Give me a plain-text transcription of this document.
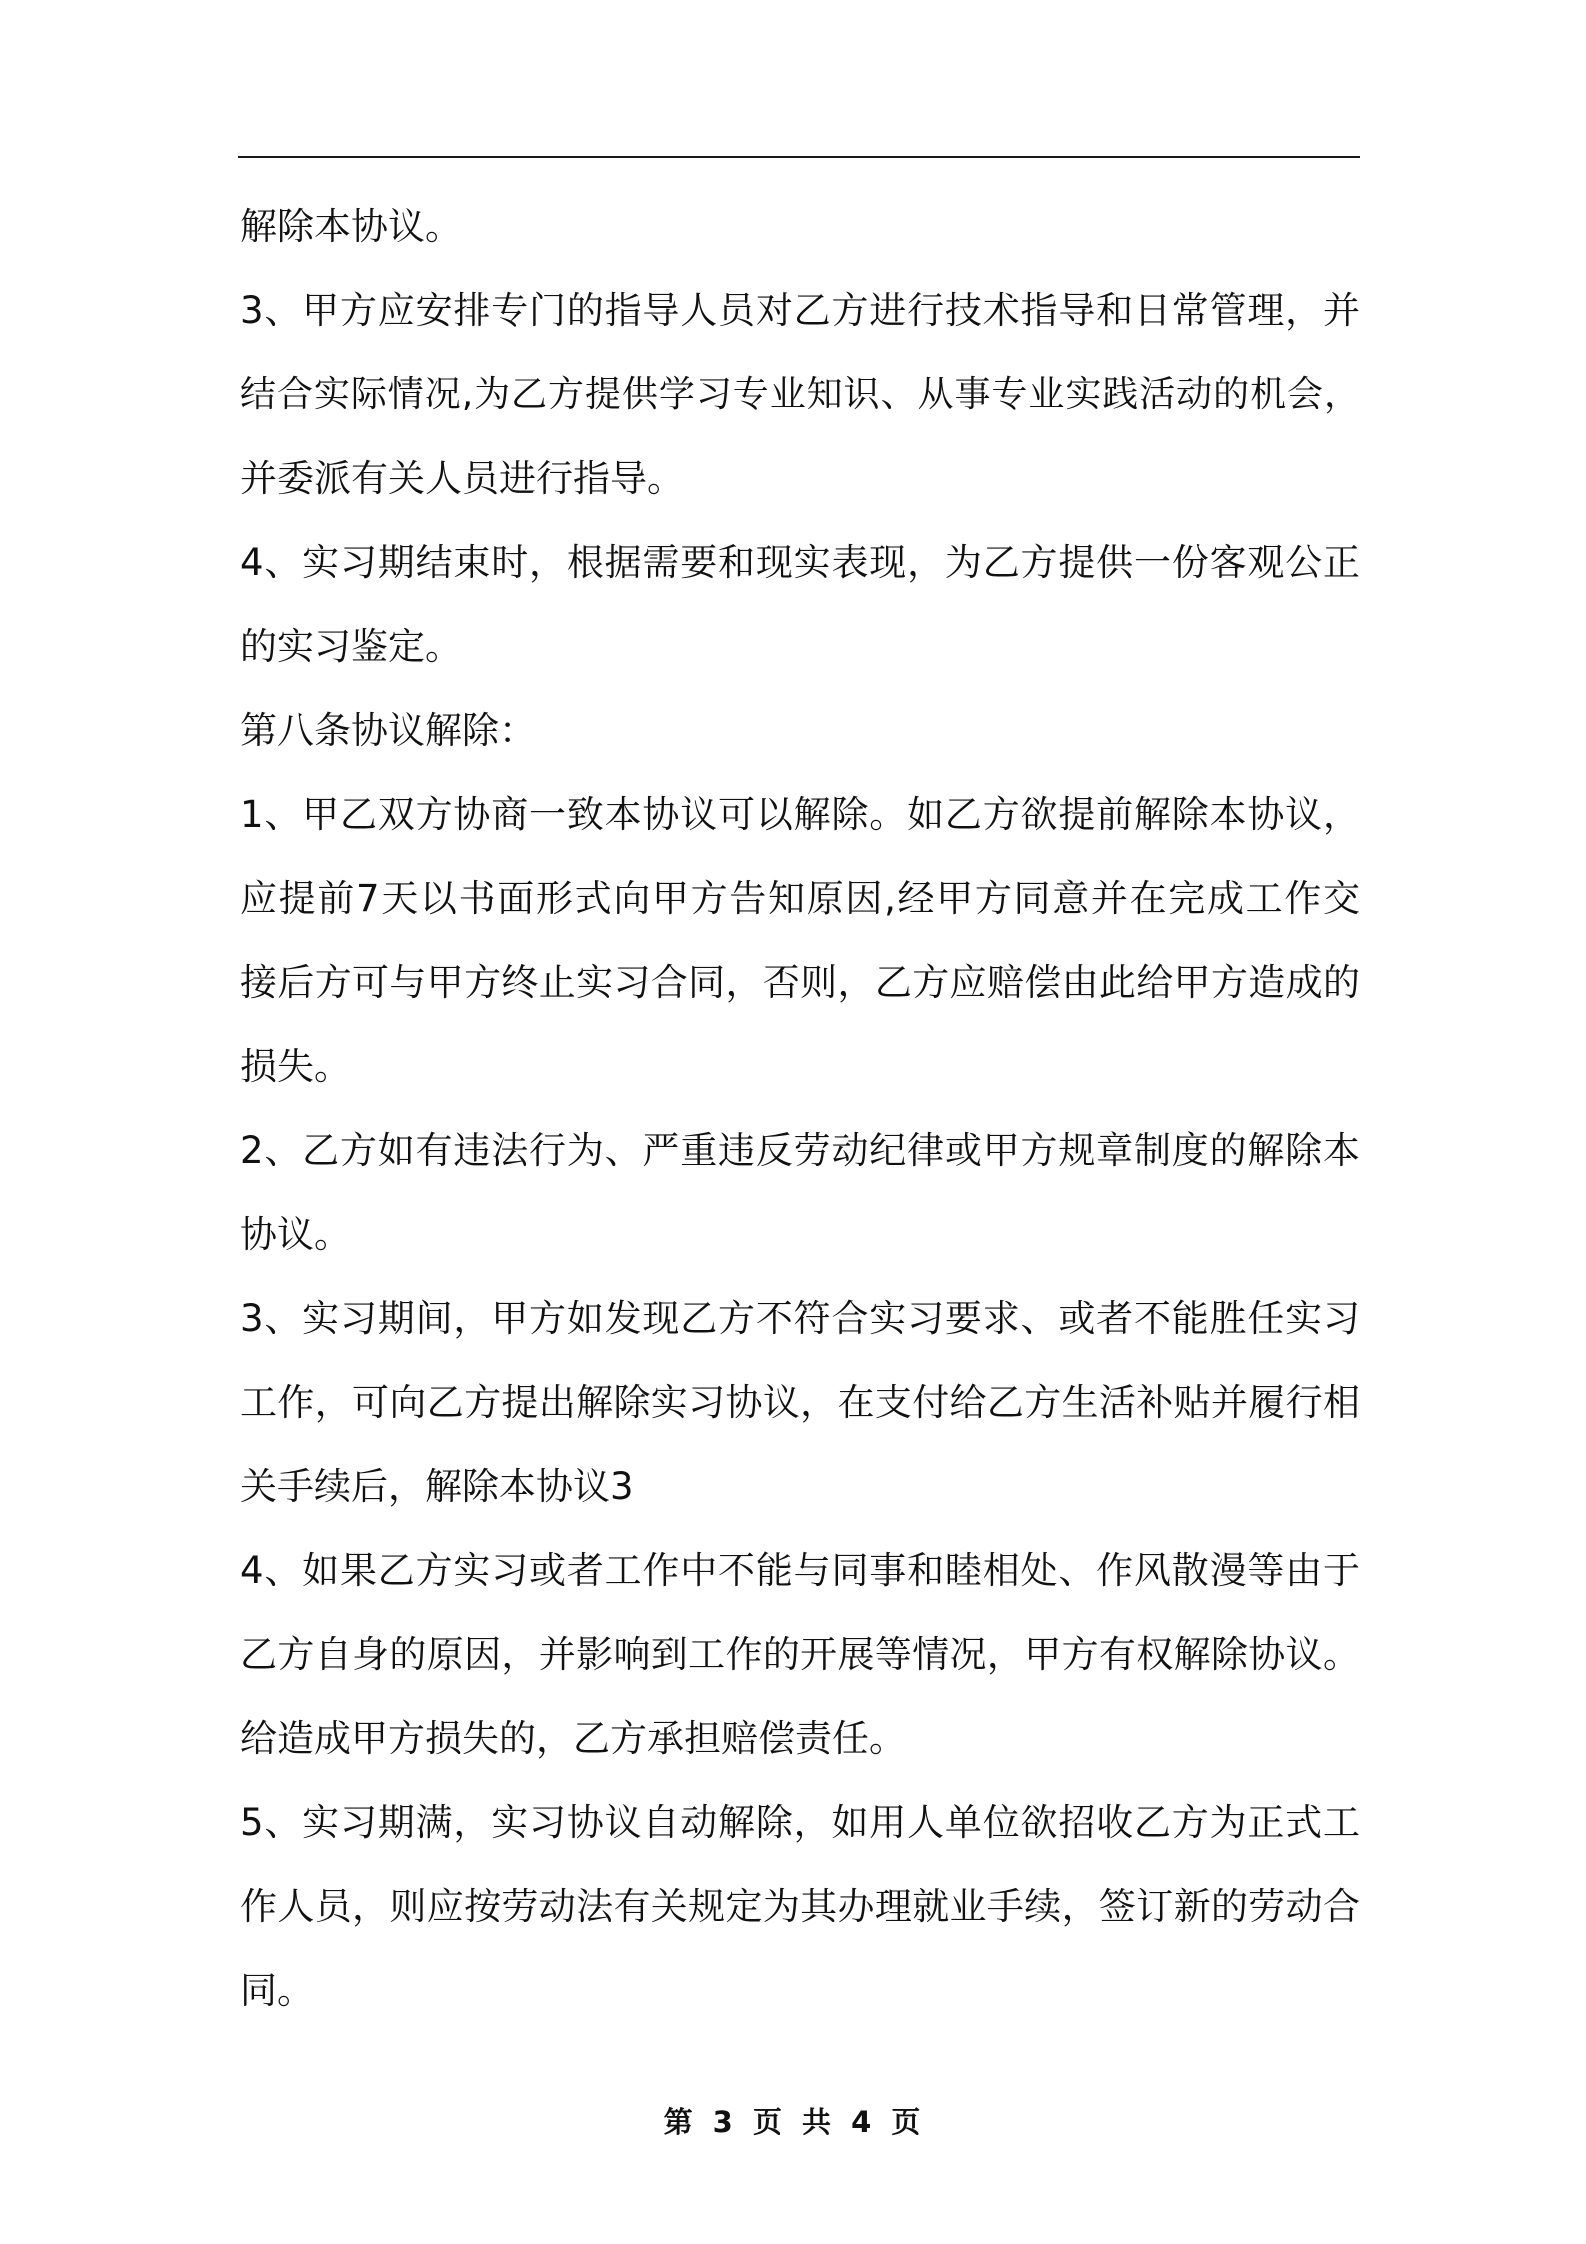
解除本协议。
3、甲方应安排专门的指导人员对乙方进行技术指导和日常管理，并
结合实际情况,为乙方提供学习专业知识、从事专业实践活动的机会，
并委派有关人员进行指导。
4、实习期结束时，根据需要和现实表现，为乙方提供一份客观公正
的实习鉴定。
第八条协议解除：
1、甲乙双方协商一致本协议可以解除。如乙方欲提前解除本协议，
应提前7天以书面形式向甲方告知原因,经甲方同意并在完成工作交
接后方可与甲方终止实习合同，否则，乙方应赔偿由此给甲方造成的
损失。
2、乙方如有违法行为、严重违反劳动纪律或甲方规章制度的解除本
协议。
3、实习期间，甲方如发现乙方不符合实习要求、或者不能胜任实习
工作，可向乙方提出解除实习协议，在支付给乙方生活补贴并履行相
关手续后，解除本协议3
4、如果乙方实习或者工作中不能与同事和睦相处、作风散漫等由于
乙方自身的原因，并影响到工作的开展等情况，甲方有权解除协议。
给造成甲方损失的，乙方承担赔偿责任。
5、实习期满，实习协议自动解除，如用人单位欲招收乙方为正式工
作人员，则应按劳动法有关规定为其办理就业手续，签订新的劳动合
同。
第 3 页 共 4 页
